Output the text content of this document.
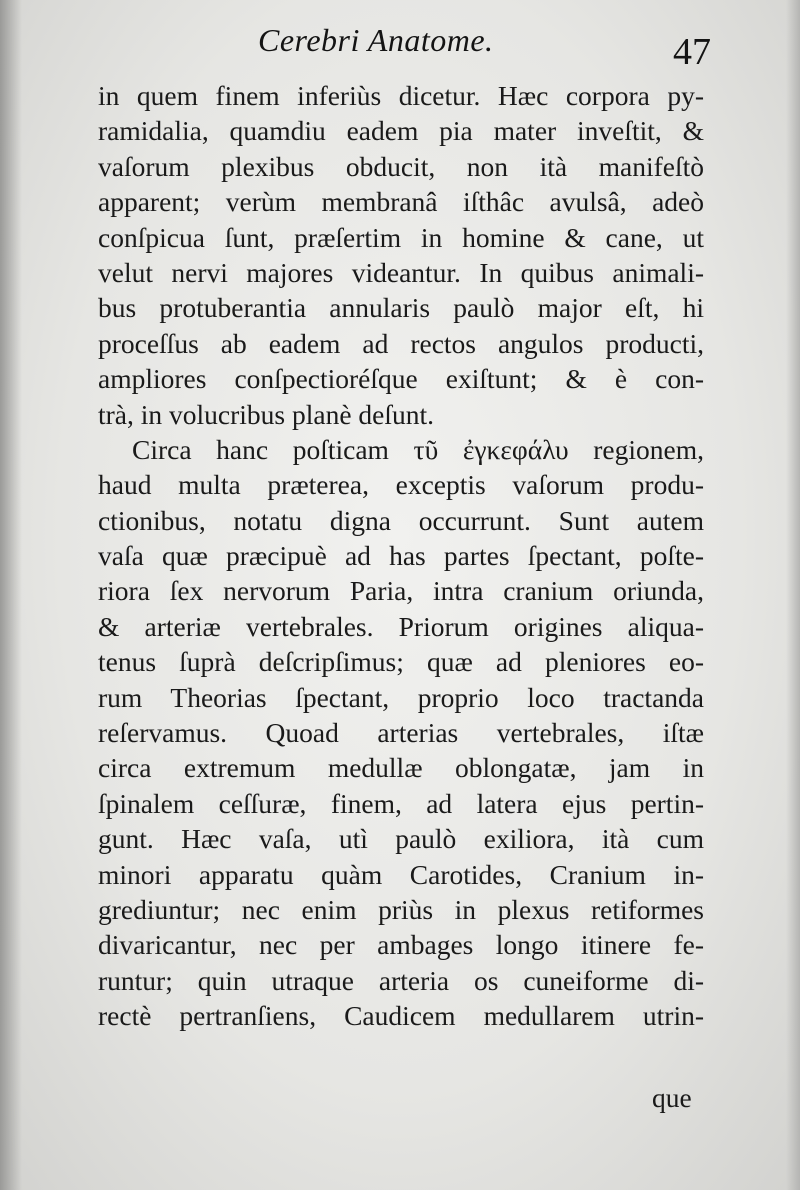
Cerebri Anatome.	47
in quem finem inferiùs dicetur. Hæc corpora py-
ramidalia, quamdiu eadem pia mater inveſtit, &
vaſorum plexibus obducit, non ità manifeſtò
apparent; verùm membranâ iſthâc avulsâ, adeò
conſpicua ſunt, præſertim in homine & cane, ut
velut nervi majores videantur. In quibus animali-
bus protuberantia annularis paulò major eſt, hi
proceſſus ab eadem ad rectos angulos producti,
ampliores conſpectioréſque exiſtunt; & è con-
trà, in volucribus planè deſunt.
Circa hanc poſticam τῦ ἐγκεφάλυ regionem,
haud multa præterea, exceptis vaſorum produ-
ctionibus, notatu digna occurrunt. Sunt autem
vaſa quæ præcipuè ad has partes ſpectant, poſte-
riora ſex nervorum Paria, intra cranium oriunda,
& arteriæ vertebrales. Priorum origines aliqua-
tenus ſuprà deſcripſimus; quæ ad pleniores eo-
rum Theorias ſpectant, proprio loco tractanda
reſervamus. Quoad arterias vertebrales, iſtæ
circa extremum medullæ oblongatæ, jam in
ſpinalem ceſſuræ, finem, ad latera ejus pertin-
gunt. Hæc vaſa, utì paulò exiliora, ità cum
minori apparatu quàm Carotides, Cranium in-
grediuntur; nec enim priùs in plexus retiformes
divaricantur, nec per ambages longo itinere fe-
runtur; quin utraque arteria os cuneiforme di-
rectè pertranſiens, Caudicem medullarem utrin-
que
